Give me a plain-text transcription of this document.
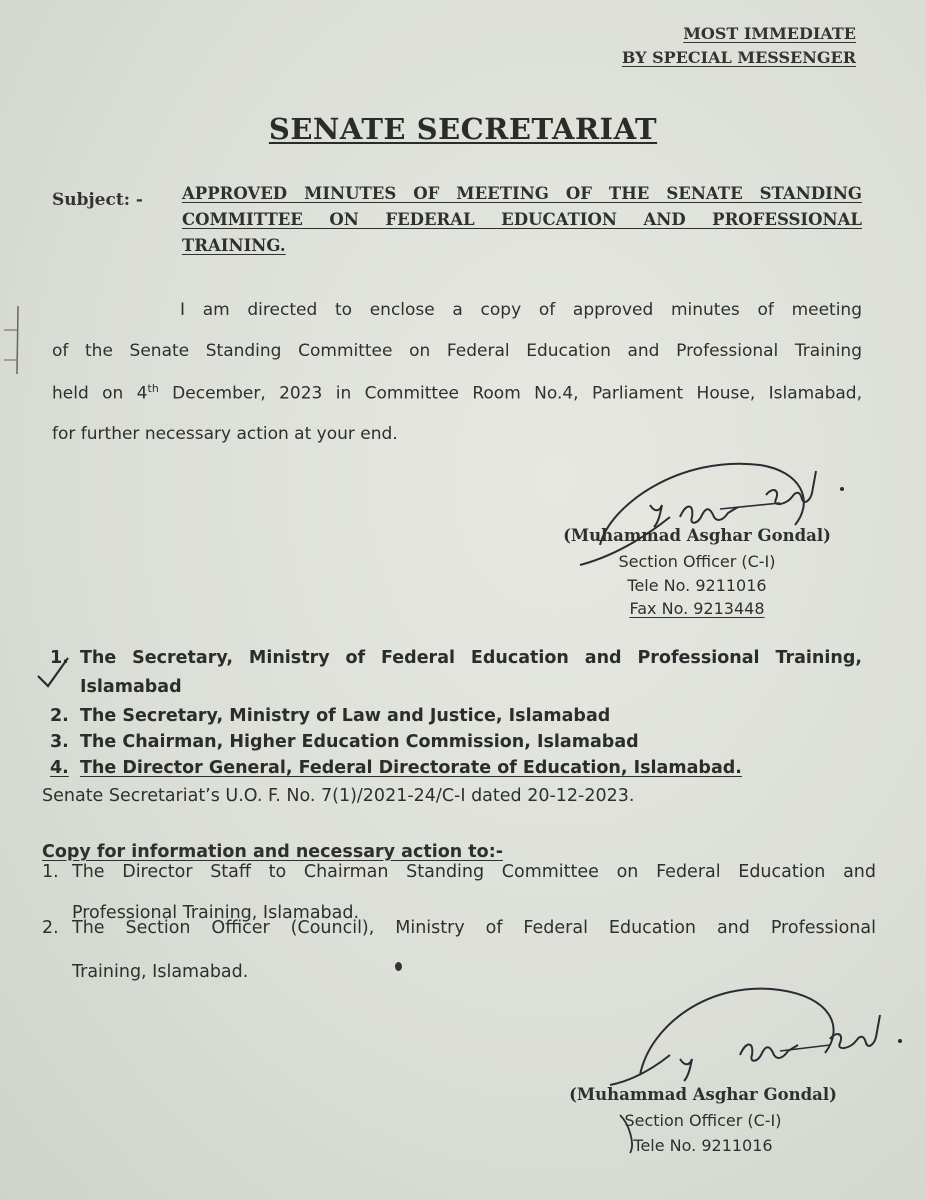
MOST IMMEDIATE
BY SPECIAL MESSENGER
SENATE SECRETARIAT
Subject: - APPROVED MINUTES OF MEETING OF THE SENATE STANDING
COMMITTEE ON FEDERAL EDUCATION AND PROFESSIONAL
TRAINING.
I am directed to enclose a copy of approved minutes of meeting
of the Senate Standing Committee on Federal Education and Professional Training
held on 4th December, 2023 in Committee Room No.4, Parliament House, Islamabad,
for further necessary action at your end.
(Muhammad Asghar Gondal)
Section Officer (C-I)
Tele No. 9211016
Fax No. 9213448
1. The Secretary, Ministry of Federal Education and Professional Training,
Islamabad
2. The Secretary, Ministry of Law and Justice, Islamabad
3. The Chairman, Higher Education Commission, Islamabad
4. The Director General, Federal Directorate of Education, Islamabad.
Senate Secretariat’s U.O. F. No. 7(1)/2021-24/C-I dated 20-12-2023.
Copy for information and necessary action to:-
1. The Director Staff to Chairman Standing Committee on Federal Education and
Professional Training, Islamabad.
2. The Section Officer (Council), Ministry of Federal Education and Professional
Training, Islamabad.
(Muhammad Asghar Gondal)
Section Officer (C-I)
Tele No. 9211016
